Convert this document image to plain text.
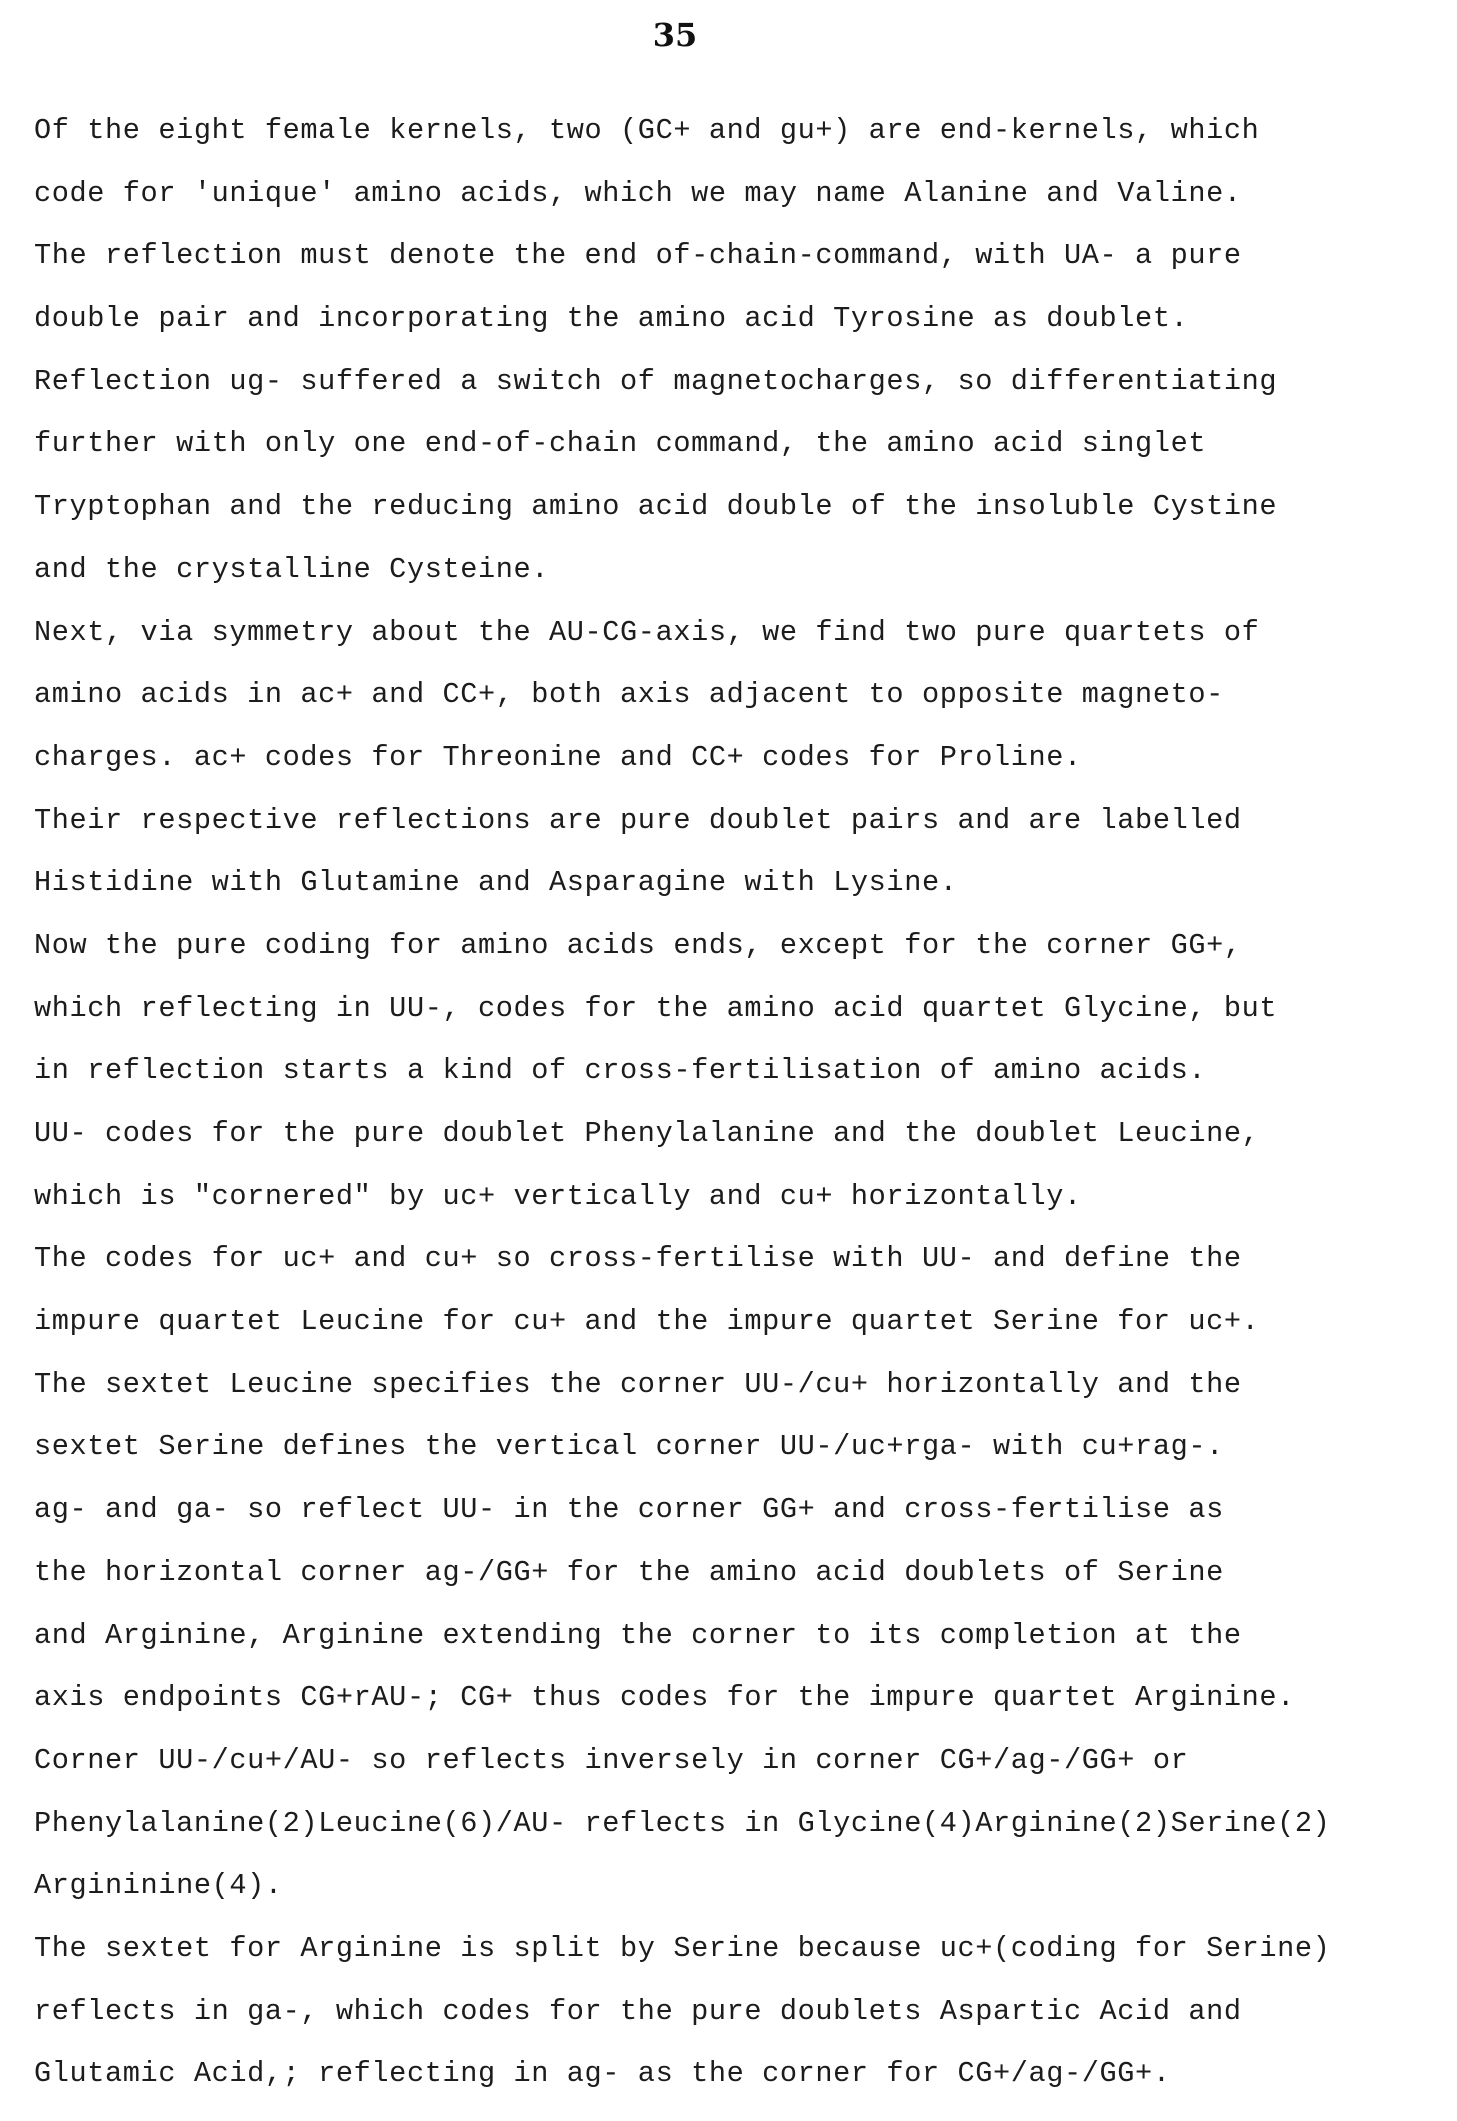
35
Of the eight female kernels, two (GC+ and gu+) are end-kernels, which
code for 'unique' amino acids, which we may name Alanine and Valine.
The reflection must denote the end of-chain-command, with UA- a pure
double pair and incorporating the amino acid Tyrosine as doublet.
Reflection ug- suffered a switch of magnetocharges, so differentiating
further with only one end-of-chain command, the amino acid singlet
Tryptophan and the reducing amino acid double of the insoluble Cystine
and the crystalline Cysteine.
Next, via symmetry about the AU-CG-axis, we find two pure quartets of
amino acids in ac+ and CC+, both axis adjacent to opposite magneto-
charges. ac+ codes for Threonine and CC+ codes for Proline.
Their respective reflections are pure doublet pairs and are labelled
Histidine with Glutamine and Asparagine with Lysine.
Now the pure coding for amino acids ends, except for the corner GG+,
which reflecting in UU-, codes for the amino acid quartet Glycine, but
in reflection starts a kind of cross-fertilisation of amino acids.
UU- codes for the pure doublet Phenylalanine and the doublet Leucine,
which is "cornered" by uc+ vertically and cu+ horizontally.
The codes for uc+ and cu+ so cross-fertilise with UU- and define the
impure quartet Leucine for cu+ and the impure quartet Serine for uc+.
The sextet Leucine specifies the corner UU-/cu+ horizontally and the
sextet Serine defines the vertical corner UU-/uc+rga- with cu+rag-.
ag- and ga- so reflect UU- in the corner GG+ and cross-fertilise as
the horizontal corner ag-/GG+ for the amino acid doublets of Serine
and Arginine, Arginine extending the corner to its completion at the
axis endpoints CG+rAU-; CG+ thus codes for the impure quartet Arginine.
Corner UU-/cu+/AU- so reflects inversely in corner CG+/ag-/GG+ or
Phenylalanine(2)Leucine(6)/AU- reflects in Glycine(4)Arginine(2)Serine(2)
Argininine(4).
The sextet for Arginine is split by Serine because uc+(coding for Serine)
reflects in ga-, which codes for the pure doublets Aspartic Acid and
Glutamic Acid,; reflecting in ag- as the corner for CG+/ag-/GG+.
